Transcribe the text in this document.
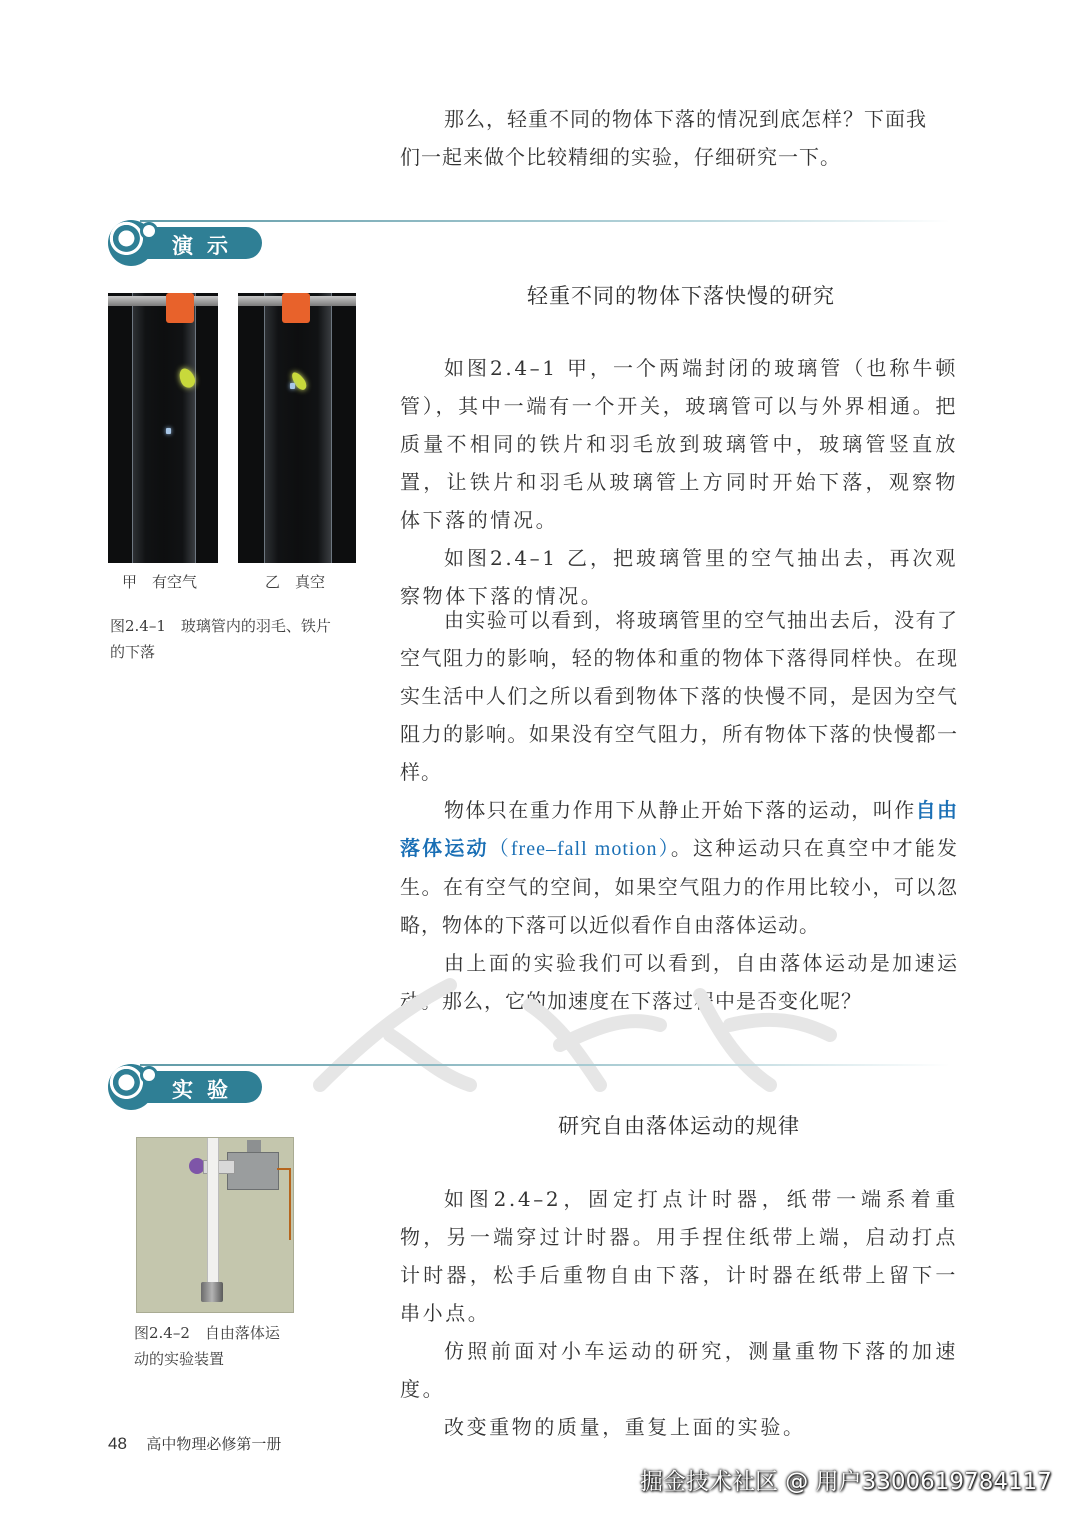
那么，轻重不同的物体下落的情况到底怎样？下面我

们一起来做个比较精细的实验，仔细研究一下。

演示
轻重不同的物体下落快慢的研究
甲　有空气	乙　真空
图2.4–1　玻璃管内的羽毛、铁片
的下落

如图2.4–1 甲，一个两端封闭的玻璃管（也称牛顿管），其中一端有一个开关，玻璃管可以与外界相通。把质量不相同的铁片和羽毛放到玻璃管中，玻璃管竖直放置，让铁片和羽毛从玻璃管上方同时开始下落，观察物体下落的情况。

如图2.4–1 乙，把玻璃管里的空气抽出去，再次观察物体下落的情况。

由实验可以看到，将玻璃管里的空气抽出去后，没有了空气阻力的影响，轻的物体和重的物体下落得同样快。在现实生活中人们之所以看到物体下落的快慢不同，是因为空气阻力的影响。如果没有空气阻力，所有物体下落的快慢都一样。

物体只在重力作用下从静止开始下落的运动，叫作自由落体运动（free–fall motion）。这种运动只在真空中才能发生。在有空气的空间，如果空气阻力的作用比较小，可以忽略，物体的下落可以近似看作自由落体运动。

由上面的实验我们可以看到，自由落体运动是加速运动。那么，它的加速度在下落过程中是否变化呢？

实验
研究自由落体运动的规律
图2.4–2　自由落体运
动的实验装置

如图2.4–2，固定打点计时器，纸带一端系着重物，另一端穿过计时器。用手捏住纸带上端，启动打点计时器，松手后重物自由下落，计时器在纸带上留下一串小点。

仿照前面对小车运动的研究，测量重物下落的加速度。

改变重物的质量，重复上面的实验。

48 高中物理必修第一册
掘金技术社区 @ 用户3300619784117
